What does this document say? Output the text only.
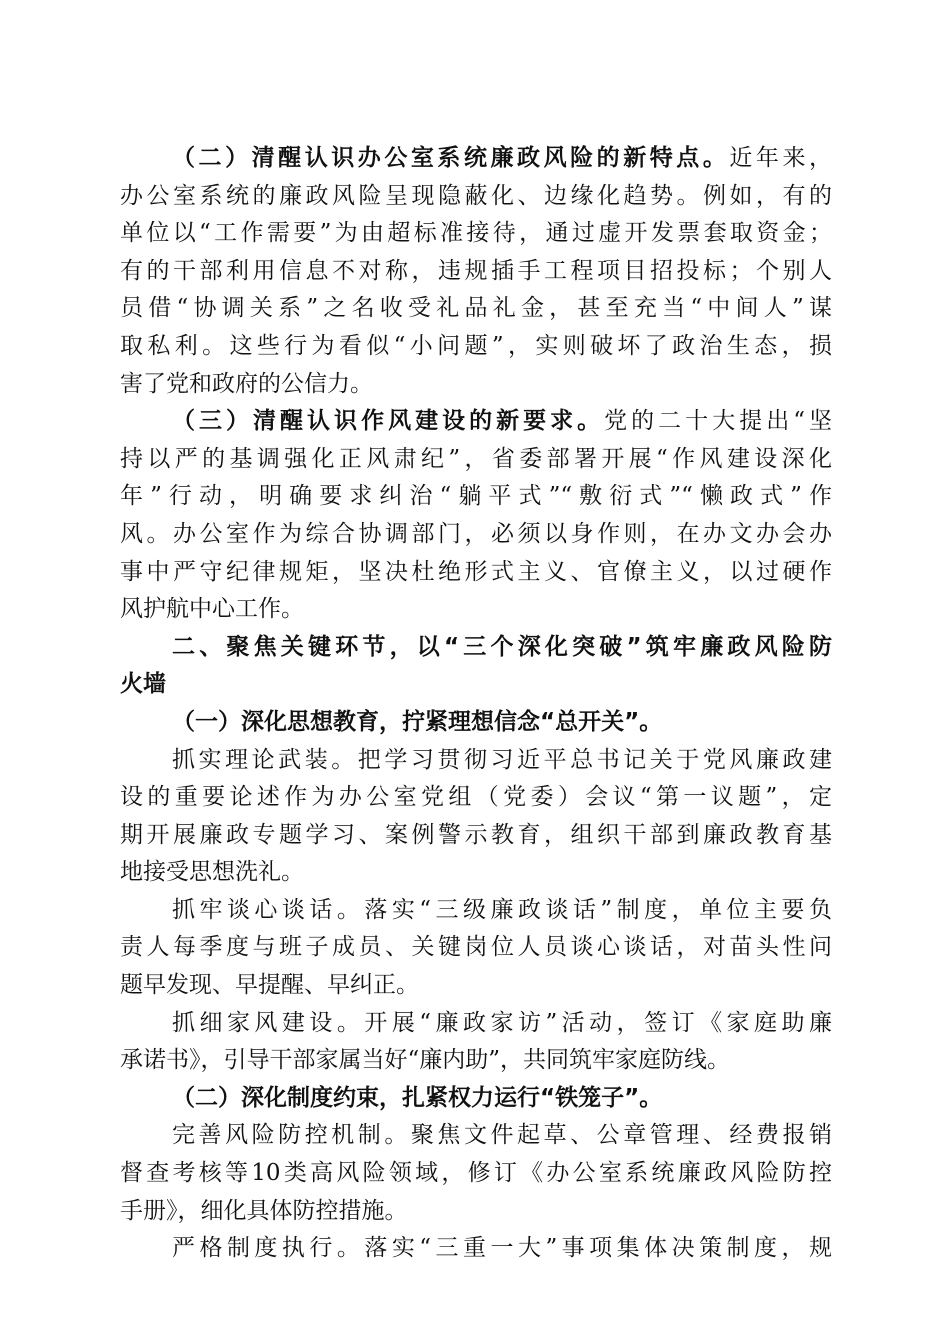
（二）清醒认识办公室系统廉政风险的新特点。近年来，
办公室系统的廉政风险呈现隐蔽化、边缘化趋势。例如，有的
单位以“工作需要”为由超标准接待，通过虚开发票套取资金；
有的干部利用信息不对称，违规插手工程项目招投标；个别人
员借“协调关系”之名收受礼品礼金，甚至充当“中间人”谋
取私利。这些行为看似“小问题”，实则破坏了政治生态，损
害了党和政府的公信力。
（三）清醒认识作风建设的新要求。党的二十大提出“坚
持以严的基调强化正风肃纪”，省委部署开展“作风建设深化
年”行动，明确要求纠治“躺平式”“敷衍式”“懒政式”作
风。办公室作为综合协调部门，必须以身作则，在办文办会办
事中严守纪律规矩，坚决杜绝形式主义、官僚主义，以过硬作
风护航中心工作。
二、聚焦关键环节，以“三个深化突破”筑牢廉政风险防
火墙
（一）深化思想教育，拧紧理想信念“总开关”。
抓实理论武装。把学习贯彻习近平总书记关于党风廉政建
设的重要论述作为办公室党组（党委）会议“第一议题”，定
期开展廉政专题学习、案例警示教育，组织干部到廉政教育基
地接受思想洗礼。
抓牢谈心谈话。落实“三级廉政谈话”制度，单位主要负
责人每季度与班子成员、关键岗位人员谈心谈话，对苗头性问
题早发现、早提醒、早纠正。
抓细家风建设。开展“廉政家访”活动，签订《家庭助廉
承诺书》，引导干部家属当好“廉内助”，共同筑牢家庭防线。
（二）深化制度约束，扎紧权力运行“铁笼子”。
完善风险防控机制。聚焦文件起草、公章管理、经费报销
督查考核等10类高风险领域，修订《办公室系统廉政风险防控
手册》，细化具体防控措施。
严格制度执行。落实“三重一大”事项集体决策制度，规
